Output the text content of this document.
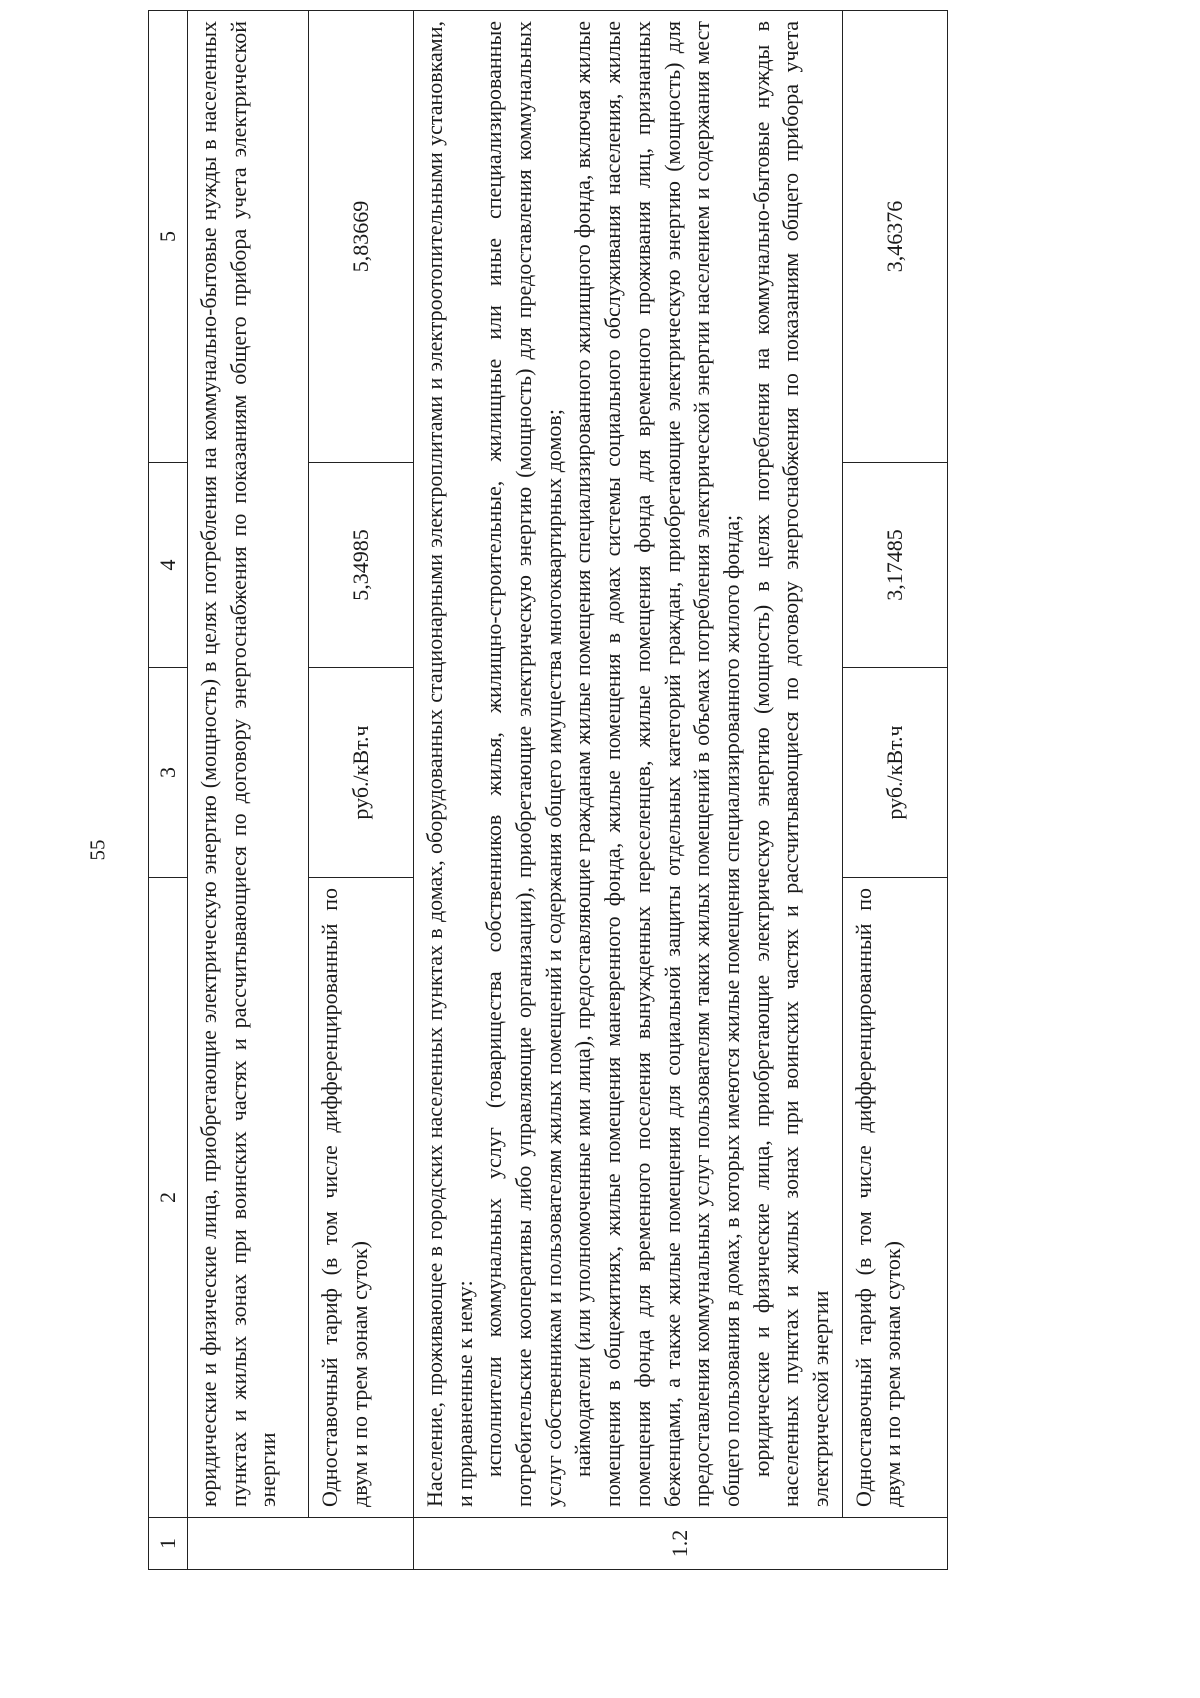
55
1	2	3	4	5
	юридические и физические лица, приобретающие электрическую энергию (мощность) в целях потребления на коммунально-бытовые нужды в населенных пунктах и жилых зонах при воинских частях и рассчитывающиеся по договору энергоснабжения по показаниям общего прибора учета электрической энергии			
	Одноставочный тариф (в том числе дифференцированный по двум и по трем зонам суток)	руб./кВт.ч	5,34985	5,83669
1.2	Население, проживающее в городских населенных пунктах в домах, оборудованных стационарными электроплитами и электроотопительными установками, и приравненные к нему: исполнители коммунальных услуг (товарищества собственников жилья, жилищно-строительные, жилищные или иные специализированные потребительские кооперативы либо управляющие организации), приобретающие электрическую энергию (мощность) для предоставления коммунальных услуг собственникам и пользователям жилых помещений и содержания общего имущества многоквартирных домов; наймодатели (или уполномоченные ими лица), предоставляющие гражданам жилые помещения специализированного жилищного фонда, включая жилые помещения в общежитиях, жилые помещения маневренного фонда, жилые помещения в домах системы социального обслуживания населения, жилые помещения фонда для временного поселения вынужденных переселенцев, жилые помещения фонда для временного проживания лиц, признанных беженцами, а также жилые помещения для социальной защиты отдельных категорий граждан, приобретающие электрическую энергию (мощность) для предоставления коммунальных услуг пользователям таких жилых помещений в объемах потребления электрической энергии населением и содержания мест общего пользования в домах, в которых имеются жилые помещения специализированного жилого фонда; юридические и физические лица, приобретающие электрическую энергию (мощность) в целях потребления на коммунально-бытовые нужды в населенных пунктах и жилых зонах при воинских частях и рассчитывающиеся по договору энергоснабжения по показаниям общего прибора учета электрической энергии			

	Одноставочный тариф (в том числе дифференцированный по двум и по трем зонам суток)	руб./кВт.ч	3,17485	3,46376
